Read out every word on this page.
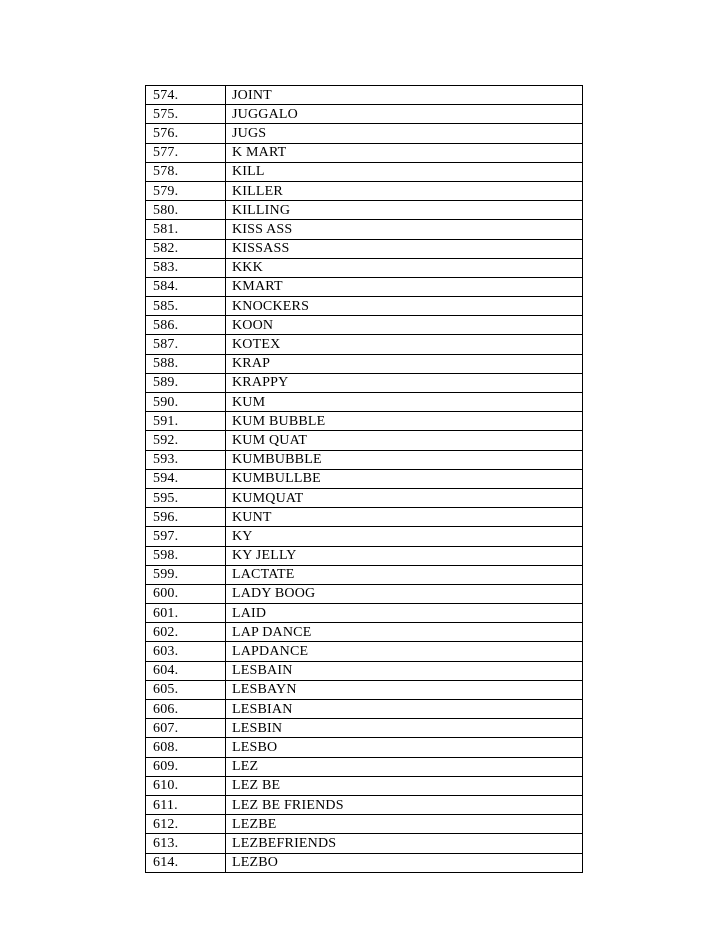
574.	JOINT
575.	JUGGALO
576.	JUGS
577.	K MART
578.	KILL
579.	KILLER
580.	KILLING
581.	KISS ASS
582.	KISSASS
583.	KKK
584.	KMART
585.	KNOCKERS
586.	KOON
587.	KOTEX
588.	KRAP
589.	KRAPPY
590.	KUM
591.	KUM BUBBLE
592.	KUM QUAT
593.	KUMBUBBLE
594.	KUMBULLBE
595.	KUMQUAT
596.	KUNT
597.	KY
598.	KY JELLY
599.	LACTATE
600.	LADY BOOG
601.	LAID
602.	LAP DANCE
603.	LAPDANCE
604.	LESBAIN
605.	LESBAYN
606.	LESBIAN
607.	LESBIN
608.	LESBO
609.	LEZ
610.	LEZ BE
611.	LEZ BE FRIENDS
612.	LEZBE
613.	LEZBEFRIENDS
614.	LEZBO
